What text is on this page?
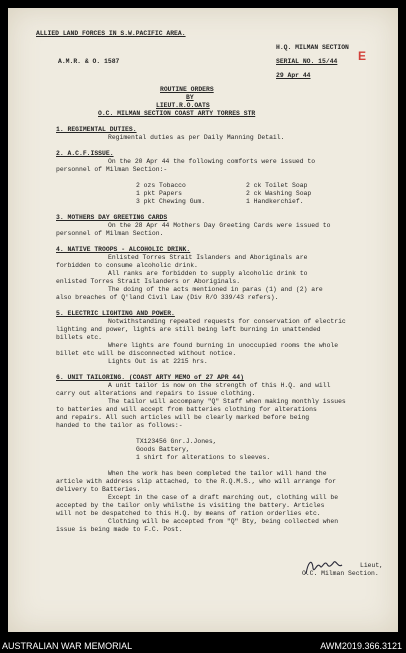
ALLIED LAND FORCES IN S.W.PACIFIC AREA.
H.Q. MILMAN SECTION
A.M.R. & O. 1587	SERIAL NO. 15/44 E
29 Apr 44
ROUTINE ORDERS
BY
LIEUT.R.O.OATS
O.C. MILMAN SECTION COAST ARTY TORRES STR
1. REGIMENTAL DUTIES.
Regimental duties as per Daily Manning Detail.
2. A.C.F.ISSUE.
On the 20 Apr 44 the following comforts were issued to
personnel of Milman Section:-
2 ozs Tobacco	2 ck Toilet Soap
1 pkt Papers	2 ck Washing Soap
3 pkt Chewing Gum.	1 Handkerchief.
3. MOTHERS DAY GREETING CARDS
On the 28 Apr 44 Mothers Day Greeting Cards were issued to
personnel of Milman Section.
4. NATIVE TROOPS - ALCOHOLIC DRINK.
Enlisted Torres Strait Islanders and Aboriginals are
forbidden to consume alcoholic drink.
All ranks are forbidden to supply alcoholic drink to
enlisted Torres Strait Islanders or Aboriginals.
The doing of the acts mentioned in paras (1) and (2) are
also breaches of Q'land Civil Law (Div R/O 339/43 refers).
5. ELECTRIC LIGHTING AND POWER.
Notwithstanding repeated requests for conservation of electric
lighting and power, lights are still being left burning in unattended
billets etc.
Where lights are found burning in unoccupied rooms the whole
billet etc will be disconnected without notice.
Lights Out is at 2215 hrs.
6. UNIT TAILORING. (COAST ARTY MEMO of 27 APR 44)
A unit tailor is now on the strength of this H.Q. and will
carry out alterations and repairs to issue clothing.
The tailor will accompany "Q" Staff when making monthly issues
to batteries and will accept from batteries clothing for alterations
and repairs. All such articles will be clearly marked before being
handed to the tailor as follows:-
TX123456 Gnr.J.Jones,
Goods Battery,
1 shirt for alterations to sleeves.
When the work has been completed the tailor will hand the
article with address slip attached, to the R.Q.M.S., who will arrange for
delivery to Batteries.
Except in the case of a draft marching out, clothing will be
accepted by the tailor only whilsthe is visiting the battery. Articles
will not be despatched to this H.Q. by means of ration orderlies etc.
Clothing will be accepted from "Q" Bty, being collected when
issue is being made to F.C. Post.
Lieut,
O.C. Milman Section.
AUSTRALIAN WAR MEMORIAL	AWM2019.366.3121
